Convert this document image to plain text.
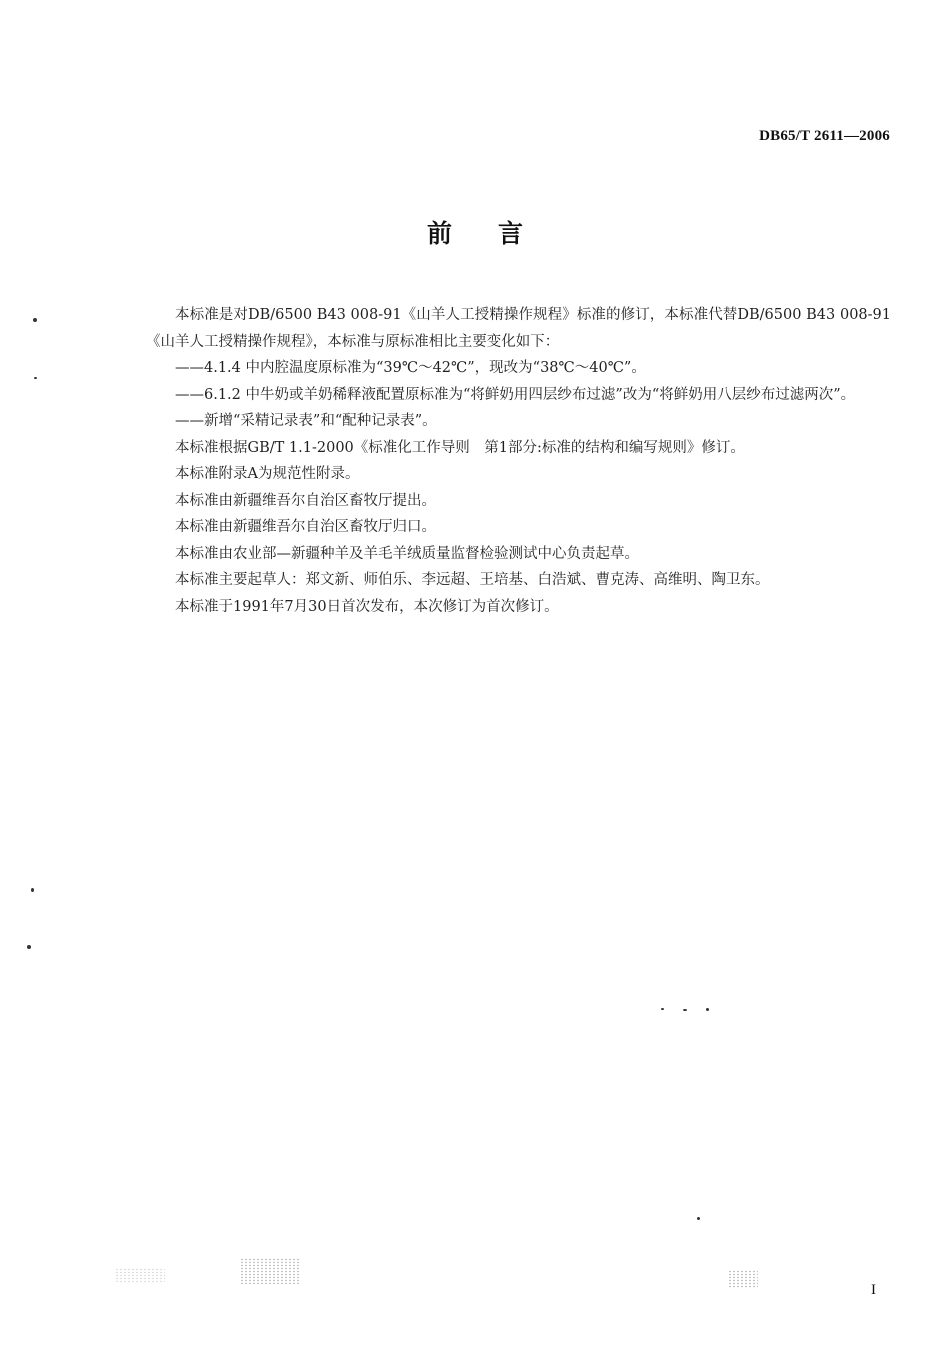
DB65/T 2611—2006
前言

本标准是对DB/6500 B43 008-91《山羊人工授精操作规程》标准的修订，本标准代替DB/6500 B43 008-91《山羊人工授精操作规程》，本标准与原标准相比主要变化如下：

——4.1.4 中内腔温度原标准为“39℃～42℃”，现改为“38℃～40℃”。

——6.1.2 中牛奶或羊奶稀释液配置原标准为“将鲜奶用四层纱布过滤”改为“将鲜奶用八层纱布过滤两次”。

——新增“采精记录表”和“配种记录表”。

本标准根据GB/T 1.1-2000《标准化工作导则　第1部分:标准的结构和编写规则》修订。

本标准附录A为规范性附录。

本标准由新疆维吾尔自治区畜牧厅提出。

本标准由新疆维吾尔自治区畜牧厅归口。

本标准由农业部—新疆种羊及羊毛羊绒质量监督检验测试中心负责起草。

本标准主要起草人：郑文新、师伯乐、李远超、王培基、白浩斌、曹克涛、高维明、陶卫东。

本标准于1991年7月30日首次发布，本次修订为首次修订。

I
